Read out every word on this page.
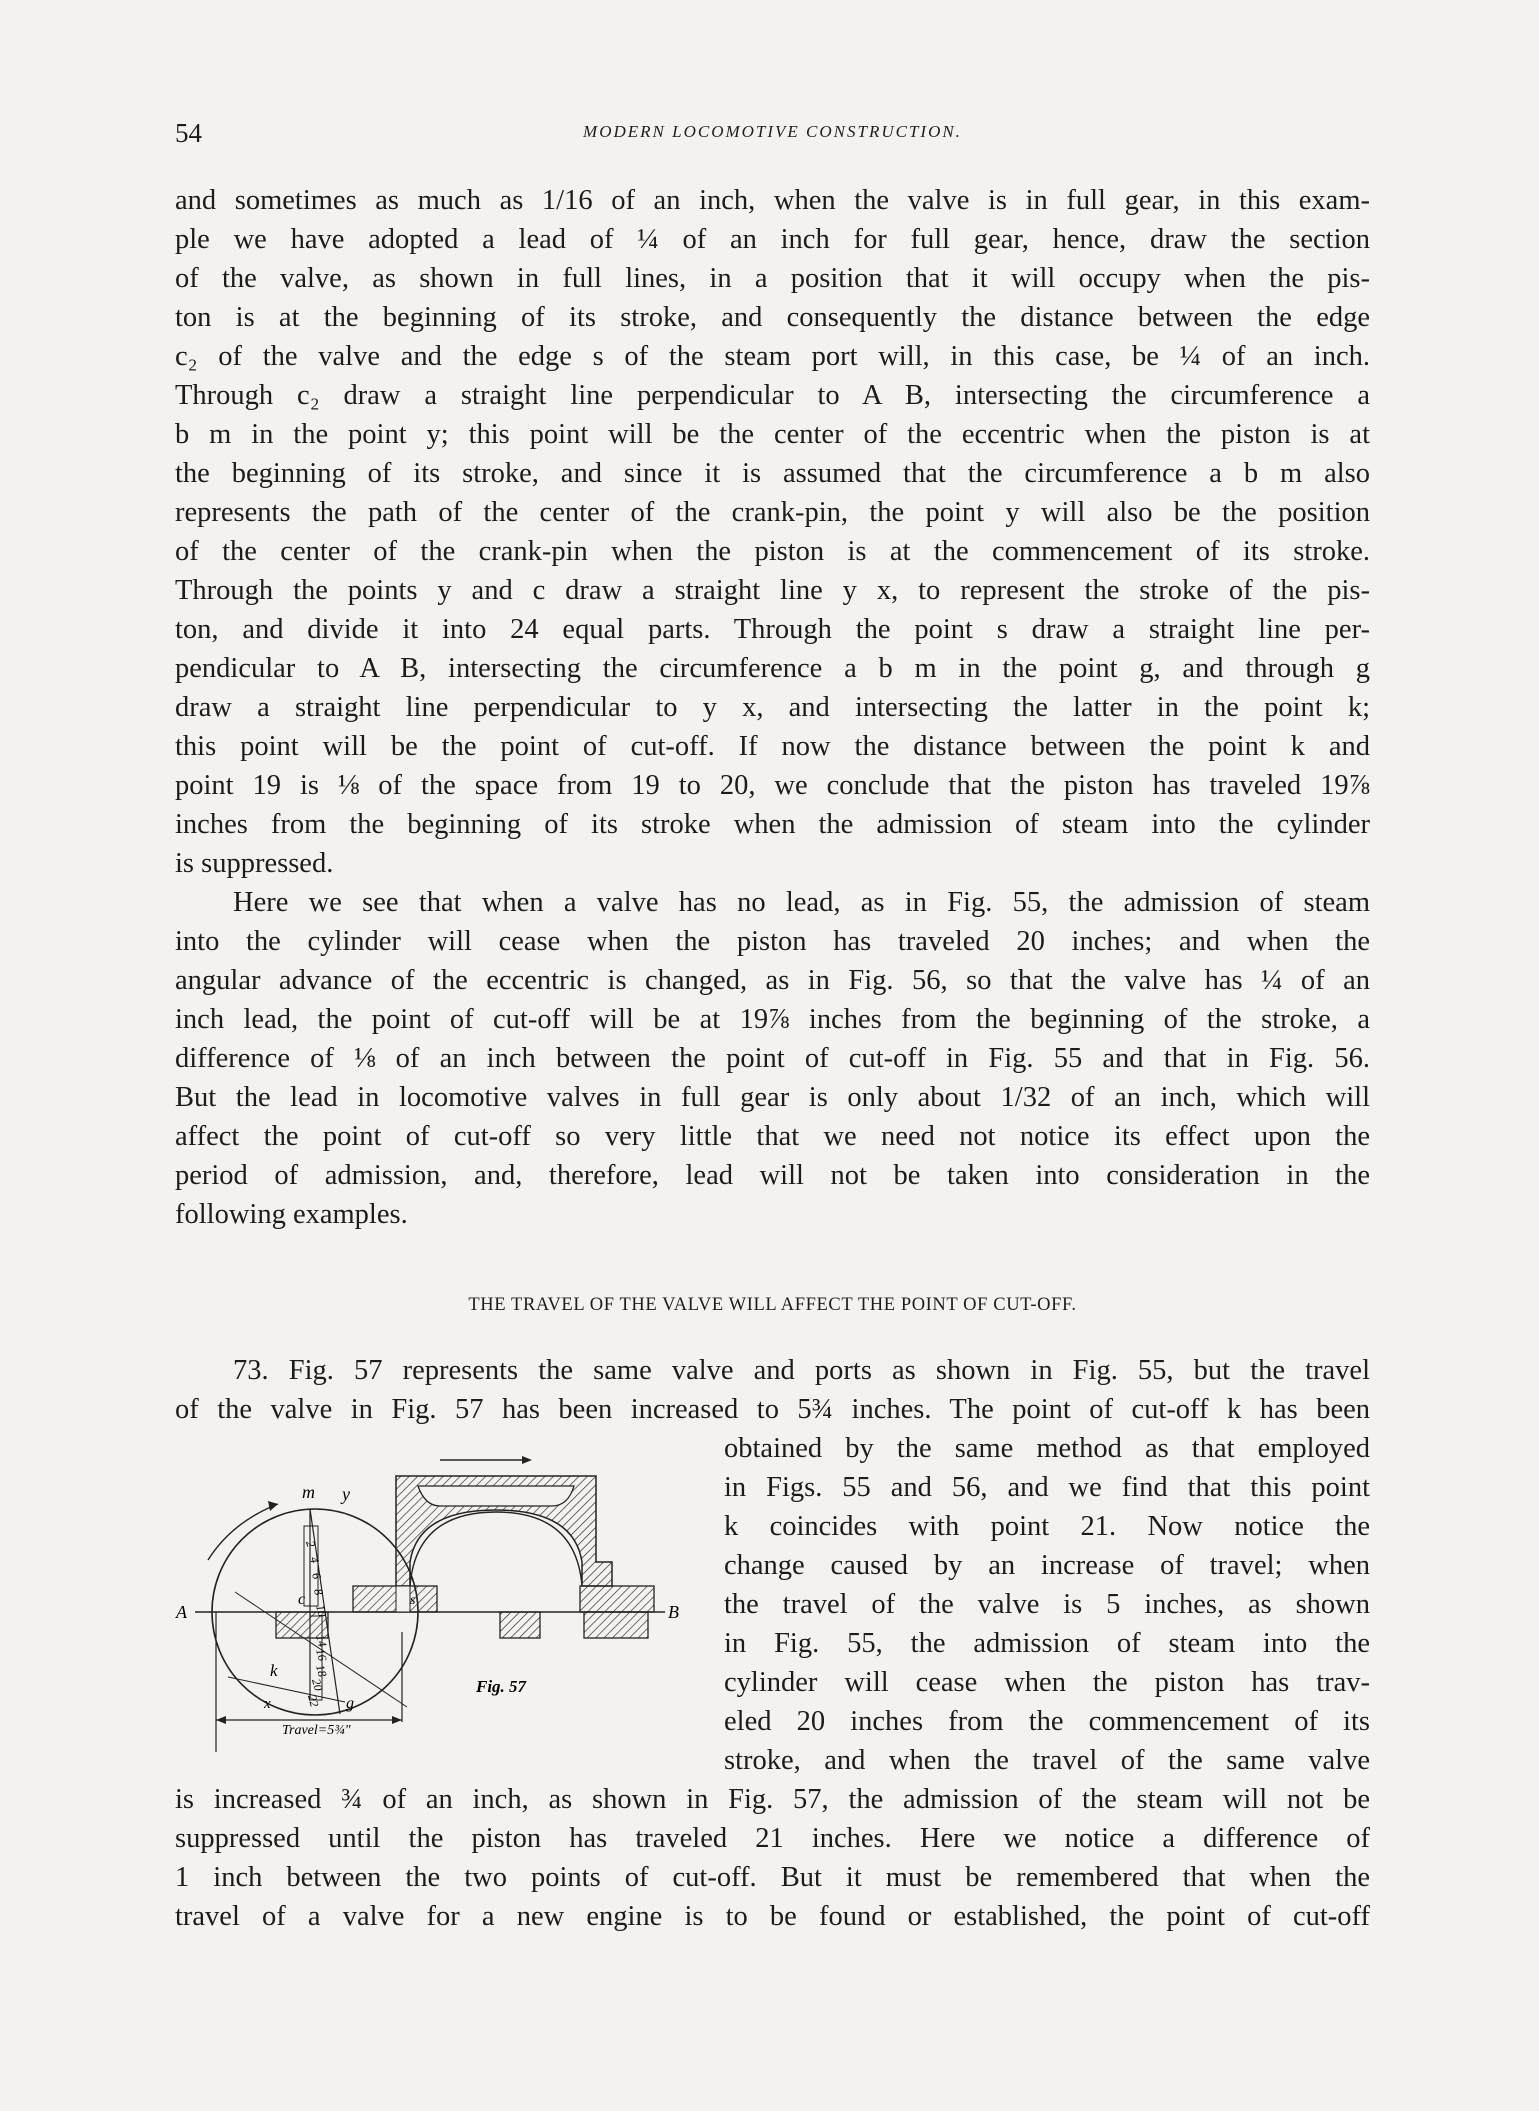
54	MODERN LOCOMOTIVE CONSTRUCTION.

and sometimes as much as 1/16 of an inch, when the valve is in full gear, in this exam-
ple we have adopted a lead of ¼ of an inch for full gear, hence, draw the section
of the valve, as shown in full lines, in a position that it will occupy when the pis-
ton is at the beginning of its stroke, and consequently the distance between the edge
c₂ of the valve and the edge s of the steam port will, in this case, be ¼ of an inch.
Through c₂ draw a straight line perpendicular to A B, intersecting the circumference a
b m in the point y; this point will be the center of the eccentric when the piston is at
the beginning of its stroke, and since it is assumed that the circumference a b m also
represents the path of the center of the crank-pin, the point y will also be the position
of the center of the crank-pin when the piston is at the commencement of its stroke.
Through the points y and c draw a straight line y x, to represent the stroke of the pis-
ton, and divide it into 24 equal parts. Through the point s draw a straight line per-
pendicular to A B, intersecting the circumference a b m in the point g, and through g
draw a straight line perpendicular to y x, and intersecting the latter in the point k;
this point will be the point of cut-off. If now the distance between the point k and
point 19 is ⅛ of the space from 19 to 20, we conclude that the piston has traveled 19⅞
inches from the beginning of its stroke when the admission of steam into the cylinder
is suppressed.

Here we see that when a valve has no lead, as in Fig. 55, the admission of steam
into the cylinder will cease when the piston has traveled 20 inches; and when the
angular advance of the eccentric is changed, as in Fig. 56, so that the valve has ¼ of an
inch lead, the point of cut-off will be at 19⅞ inches from the beginning of the stroke, a
difference of ⅛ of an inch between the point of cut-off in Fig. 55 and that in Fig. 56.
But the lead in locomotive valves in full gear is only about 1/32 of an inch, which will
affect the point of cut-off so very little that we need not notice its effect upon the
period of admission, and, therefore, lead will not be taken into consideration in the
following examples.

THE TRAVEL OF THE VALVE WILL AFFECT THE POINT OF CUT-OFF.

73. Fig. 57 represents the same valve and ports as shown in Fig. 55, but the travel
of the valve in Fig. 57 has been increased to 5¾ inches. The point of cut-off k has been

A	B
m y
c
k
x	g
s
2
4
6
8
10
14
16
18
20
22
Travel=5¾"
Fig. 57

obtained by the same method as that employed
in Figs. 55 and 56, and we find that this point
k coincides with point 21. Now notice the
change caused by an increase of travel; when
the travel of the valve is 5 inches, as shown
in Fig. 55, the admission of steam into the
cylinder will cease when the piston has trav-
eled 20 inches from the commencement of its
stroke, and when the travel of the same valve

is increased ¾ of an inch, as shown in Fig. 57, the admission of the steam will not be
suppressed until the piston has traveled 21 inches. Here we notice a difference of
1 inch between the two points of cut-off. But it must be remembered that when the
travel of a valve for a new engine is to be found or established, the point of cut-off
